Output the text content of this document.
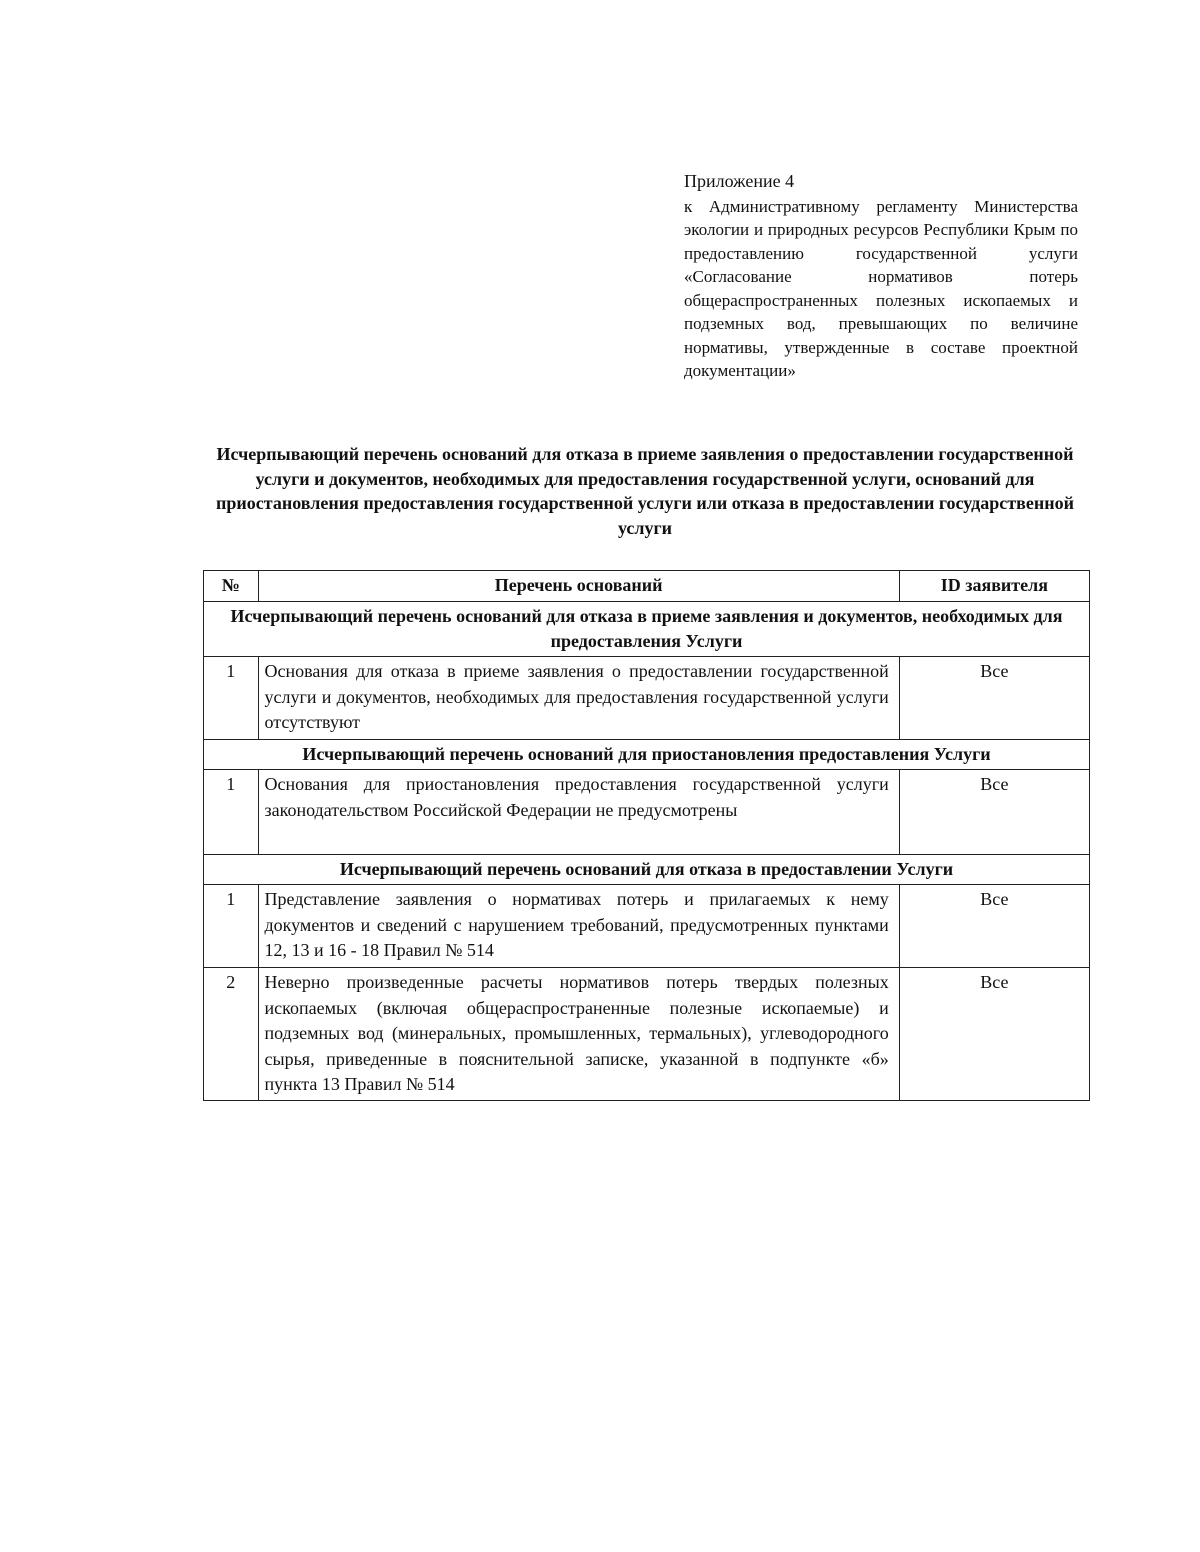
Приложение 4
к Административному регламенту Министерства экологии и природных ресурсов Республики Крым по предоставлению государственной услуги «Согласование нормативов потерь общераспространенных полезных ископаемых и подземных вод, превышающих по величине нормативы, утвержденные в составе проектной документации»
Исчерпывающий перечень оснований для отказа в приеме заявления о предоставлении государственной услуги и документов, необходимых для предоставления государственной услуги, оснований для приостановления предоставления государственной услуги или отказа в предоставлении государственной услуги
№	Перечень оснований	ID заявителя
Исчерпывающий перечень оснований для отказа в приеме заявления и документов, необходимых для предоставления Услуги		
1	Основания для отказа в приеме заявления о предоставлении государственной услуги и документов, необходимых для предоставления государственной услуги отсутствуют	Все
Исчерпывающий перечень оснований для приостановления предоставления Услуги		
1	Основания для приостановления предоставления государственной услуги законодательством Российской Федерации не предусмотрены	Все
Исчерпывающий перечень оснований для отказа в предоставлении Услуги		
1	Представление заявления о нормативах потерь и прилагаемых к нему документов и сведений с нарушением требований, предусмотренных пунктами 12, 13 и 16 - 18 Правил № 514	Все
2	Неверно произведенные расчеты нормативов потерь твердых полезных ископаемых (включая общераспространенные полезные ископаемые) и подземных вод (минеральных, промышленных, термальных), углеводородного сырья, приведенные в пояснительной записке, указанной в подпункте «б» пункта 13 Правил № 514	Все
